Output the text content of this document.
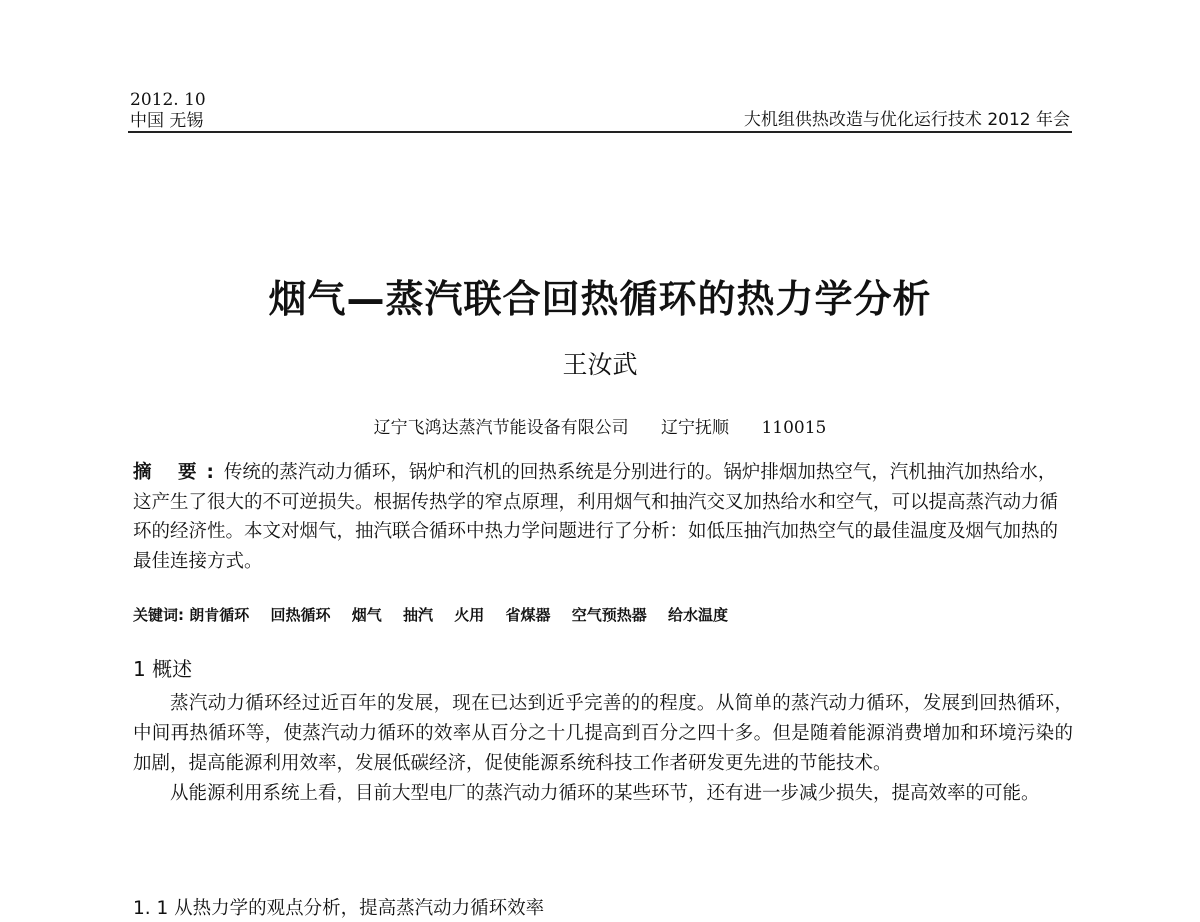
2012. 10
中国 无锡	大机组供热改造与优化运行技术 2012 年会
烟气—蒸汽联合回热循环的热力学分析
王汝武
辽宁飞鸿达蒸汽节能设备有限公司      辽宁抚顺      110015
摘 要:传统的蒸汽动力循环，锅炉和汽机的回热系统是分别进行的。锅炉排烟加热空气，汽机抽汽加热给水，这产生了很大的不可逆损失。根据传热学的窄点原理，利用烟气和抽汽交叉加热给水和空气，可以提高蒸汽动力循环的经济性。本文对烟气，抽汽联合循环中热力学问题进行了分析：如低压抽汽加热空气的最佳温度及烟气加热的最佳连接方式。
关键词: 朗肯循环 回热循环 烟气 抽汽 火用 省煤器 空气预热器 给水温度
1 概述

蒸汽动力循环经过近百年的发展，现在已达到近乎完善的的程度。从简单的蒸汽动力循环，发展到回热循环，中间再热循环等，使蒸汽动力循环的效率从百分之十几提高到百分之四十多。但是随着能源消费增加和环境污染的加剧，提高能源利用效率，发展低碳经济，促使能源系统科技工作者研发更先进的节能技术。

从能源利用系统上看，目前大型电厂的蒸汽动力循环的某些环节，还有进一步减少损失，提高效率的可能。

1. 1 从热力学的观点分析，提高蒸汽动力循环效率
